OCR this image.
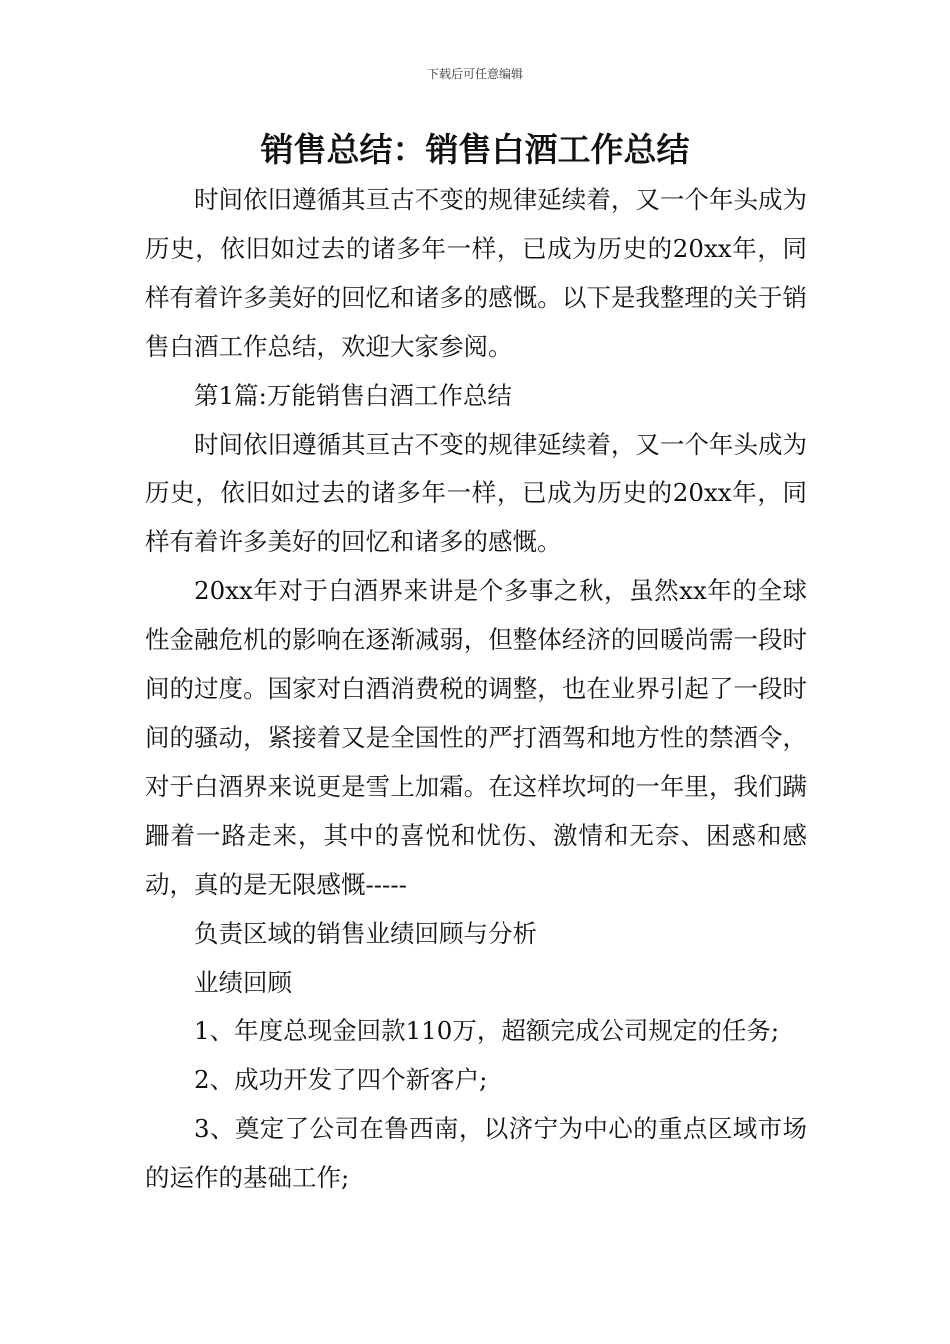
下载后可任意编辑
销售总结：销售白酒工作总结

时间依旧遵循其亘古不变的规律延续着，又一个年头成为历史，依旧如过去的诸多年一样，已成为历史的20xx年，同样有着许多美好的回忆和诸多的感慨。以下是我整理的关于销售白酒工作总结，欢迎大家参阅。

第1篇:万能销售白酒工作总结

时间依旧遵循其亘古不变的规律延续着，又一个年头成为历史，依旧如过去的诸多年一样，已成为历史的20xx年，同样有着许多美好的回忆和诸多的感慨。

20xx年对于白酒界来讲是个多事之秋，虽然xx年的全球性金融危机的影响在逐渐减弱，但整体经济的回暖尚需一段时间的过度。国家对白酒消费税的调整，也在业界引起了一段时间的骚动，紧接着又是全国性的严打酒驾和地方性的禁酒令，对于白酒界来说更是雪上加霜。在这样坎坷的一年里，我们蹒跚着一路走来，其中的喜悦和忧伤、激情和无奈、困惑和感动，真的是无限感慨-----

负责区域的销售业绩回顾与分析

业绩回顾

1、年度总现金回款110万，超额完成公司规定的任务;

2、成功开发了四个新客户;

3、奠定了公司在鲁西南，以济宁为中心的重点区域市场的运作的基础工作;
